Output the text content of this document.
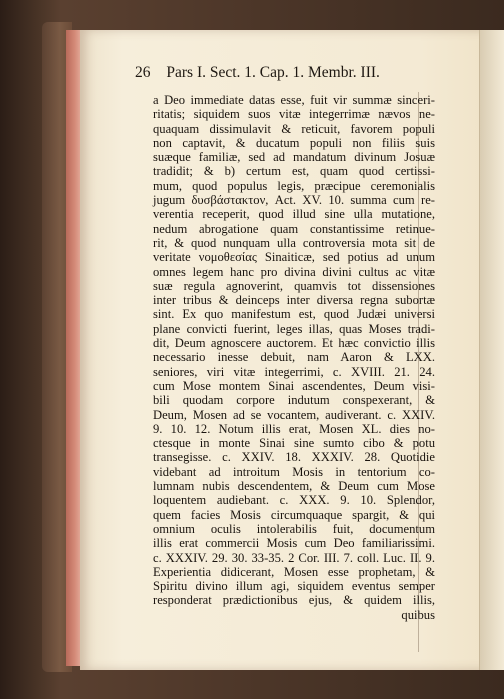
26 Pars I. Sect. 1. Cap. 1. Membr. III.
a Deo immediate datas esse, fuit vir summæ sinceri-
ritatis; siquidem suos vitæ integerrimæ nævos ne-
quaquam dissimulavit & reticuit, favorem populi
non captavit, & ducatum populi non filiis suis
suæque familiæ, sed ad mandatum divinum Josuæ
tradidit; & b) certum est, quam quod certissi-
mum, quod populus legis, præcipue ceremonialis
jugum δυσβάστακτον, Act. XV. 10. summa cum re-
verentia receperit, quod illud sine ulla mutatione,
nedum abrogatione quam constantissime retinue-
rit, & quod nunquam ulla controversia mota sit de
veritate νομοθεσίας Sinaiticæ, sed potius ad unum
omnes legem hanc pro divina divini cultus ac vitæ
suæ regula agnoverint, quamvis tot dissensiones
inter tribus & deinceps inter diversa regna subortæ
sint. Ex quo manifestum est, quod Judæi universi
plane convicti fuerint, leges illas, quas Moses tradi-
dit, Deum agnoscere auctorem. Et hæc convictio illis
necessario inesse debuit, nam Aaron & LXX.
seniores, viri vitæ integerrimi, c. XVIII. 21. 24.
cum Mose montem Sinai ascendentes, Deum visi-
bili quodam corpore indutum conspexerant, &
Deum, Mosen ad se vocantem, audiverant. c. XXIV.
9. 10. 12. Notum illis erat, Mosen XL. dies no-
ctesque in monte Sinai sine sumto cibo & potu
transegisse. c. XXIV. 18. XXXIV. 28. Quotidie
videbant ad introitum Mosis in tentorium co-
lumnam nubis descendentem, & Deum cum Mose
loquentem audiebant. c. XXX. 9. 10. Splendor,
quem facies Mosis circumquaque spargit, & qui
omnium oculis intolerabilis fuit, documentum
illis erat commercii Mosis cum Deo familiarissimi.
c. XXXIV. 29. 30. 33-35. 2 Cor. III. 7. coll. Luc. II. 9.
Experientia didicerant, Mosen esse prophetam, &
Spiritu divino illum agi, siquidem eventus semper
responderat prædictionibus ejus, & quidem illis,
quibus
